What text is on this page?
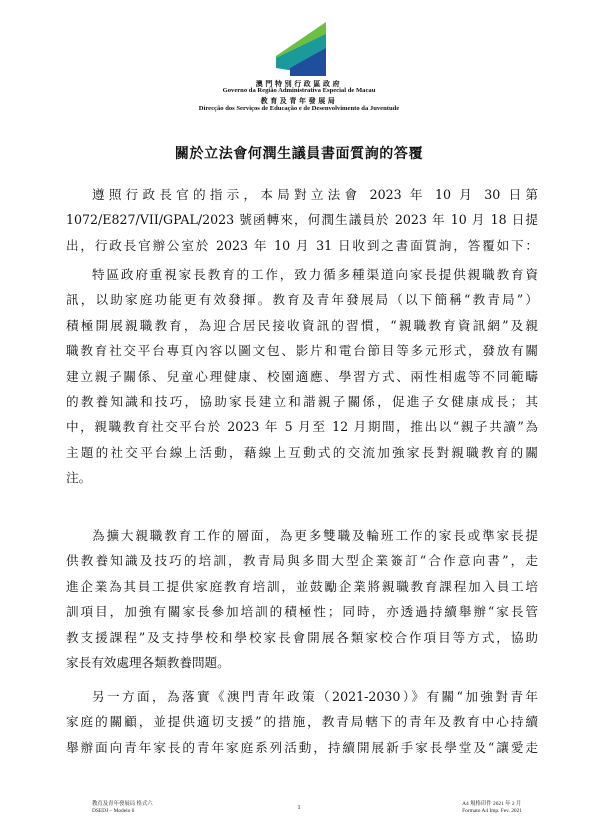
澳門特別行政區政府
Governo da Região Administrativa Especial de Macau
教育及青年發展局
Direcção dos Serviços de Educação e de Desenvolvimento da Juventude
關於立法會何潤生議員書面質詢的答覆
遵照行政長官的指示，本局對立法會 2023 年 10 月 30 日第
1072/E827/VII/GPAL/2023 號函轉來，何潤生議員於 2023 年 10 月 18 日提
出，行政長官辦公室於 2023 年 10 月 31 日收到之書面質詢，答覆如下：
特區政府重視家長教育的工作，致力循多種渠道向家長提供親職教育資
訊，以助家庭功能更有效發揮。教育及青年發展局（以下簡稱“教青局”）
積極開展親職教育，為迎合居民接收資訊的習慣，“親職教育資訊網”及親
職教育社交平台專頁內容以圖文包、影片和電台節目等多元形式，發放有關
建立親子關係、兒童心理健康、校園適應、學習方式、兩性相處等不同範疇
的教養知識和技巧，協助家長建立和諧親子關係，促進子女健康成長；其
中，親職教育社交平台於 2023 年 5 月至 12 月期間，推出以“親子共讀”為
主題的社交平台線上活動，藉線上互動式的交流加強家長對親職教育的關
注。
為擴大親職教育工作的層面，為更多雙職及輪班工作的家長或準家長提
供教養知識及技巧的培訓，教青局與多間大型企業簽訂“合作意向書”，走
進企業為其員工提供家庭教育培訓，並鼓勵企業將親職教育課程加入員工培
訓項目，加強有關家長參加培訓的積極性；同時，亦透過持續舉辦“家長管
教支援課程”及支持學校和學校家長會開展各類家校合作項目等方式，協助
家長有效處理各類教養問題。
另一方面，為落實《澳門青年政策（2021-2030）》有關“加強對青年
家庭的關顧，並提供適切支援”的措施，教青局轄下的青年及教育中心持續
舉辦面向青年家長的青年家庭系列活動，持續開展新手家長學堂及“讓愛走
教育及青年發展局 格式六
DSEDJ – Modelo 6	1	A4 規格印件 2021 年 2 月
Formato A4 Imp. Fev. 2021
